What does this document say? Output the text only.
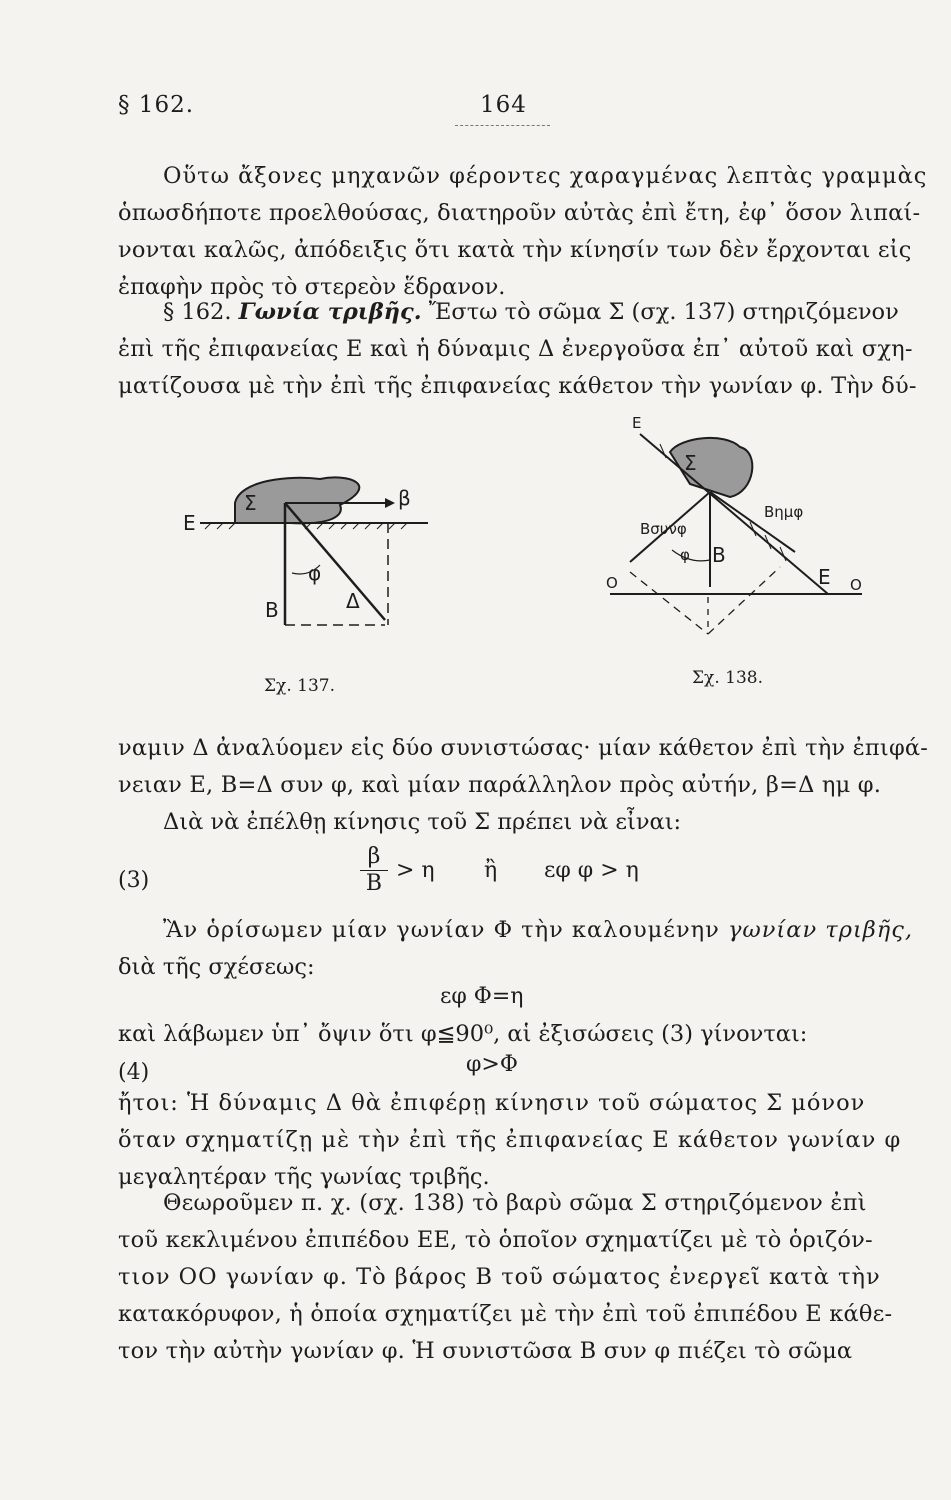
§ 162.	164
Οὕτω ἄξονες μηχανῶν φέροντες χαραγμένας λεπτὰς γραμμὰς
ὁπωσδήποτε προελθούσας, διατηροῦν αὐτὰς ἐπὶ ἔτη, ἐφ᾽ ὅσον λιπαί-
νονται καλῶς, ἀπόδειξις ὅτι κατὰ τὴν κίνησίν των δὲν ἔρχονται εἰς
ἐπαφὴν πρὸς τὸ στερεὸν ἕδρανον.
§ 162. Γωνία τριβῆς. Ἔστω τὸ σῶμα Σ (σχ. 137) στηριζόμενον
ἐπὶ τῆς ἐπιφανείας Ε καὶ ἡ δύναμις Δ ἐνεργοῦσα ἐπ᾽ αὐτοῦ καὶ σχη-
ματίζουσα μὲ τὴν ἐπὶ τῆς ἐπιφανείας κάθετον τὴν γωνίαν φ. Τὴν δύ-
Σ
Ε
β
Β
φ
Δ
Σχ. 137.
Ε
Σ
Βσυνφ
Βημφ
Β
φ
Ε
Ο	Ο
Σχ. 138.
ναμιν Δ ἀναλύομεν εἰς δύο συνιστώσας· μίαν κάθετον ἐπὶ τὴν ἐπιφά-
νειαν Ε, Β=Δ συν φ, καὶ μίαν παράλληλον πρὸς αὐτήν, β=Δ ημ φ.
Διὰ νὰ ἐπέλθῃ κίνησις τοῦ Σ πρέπει νὰ εἶναι:
(3)
β
Β
> η ἢ εφ φ > η
Ἂν ὁρίσωμεν μίαν γωνίαν Φ τὴν καλουμένην γωνίαν τριβῆς,
διὰ τῆς σχέσεως:
εφ Φ=η
καὶ λάβωμεν ὑπ᾽ ὄψιν ὅτι φ≦90⁰, αἱ ἐξισώσεις (3) γίνονται:
(4)	φ>Φ
ἤτοι: Ἡ δύναμις Δ θὰ ἐπιφέρῃ κίνησιν τοῦ σώματος Σ μόνον
ὅταν σχηματίζῃ μὲ τὴν ἐπὶ τῆς ἐπιφανείας Ε κάθετον γωνίαν φ
μεγαλητέραν τῆς γωνίας τριβῆς.
Θεωροῦμεν π. χ. (σχ. 138) τὸ βαρὺ σῶμα Σ στηριζόμενον ἐπὶ
τοῦ κεκλιμένου ἐπιπέδου ΕΕ, τὸ ὁποῖον σχηματίζει μὲ τὸ ὁριζόν-
τιον ΟΟ γωνίαν φ. Τὸ βάρος Β τοῦ σώματος ἐνεργεῖ κατὰ τὴν
κατακόρυφον, ἡ ὁποία σχηματίζει μὲ τὴν ἐπὶ τοῦ ἐπιπέδου Ε κάθε-
τον τὴν αὐτὴν γωνίαν φ. Ἡ συνιστῶσα Β συν φ πιέζει τὸ σῶμα
